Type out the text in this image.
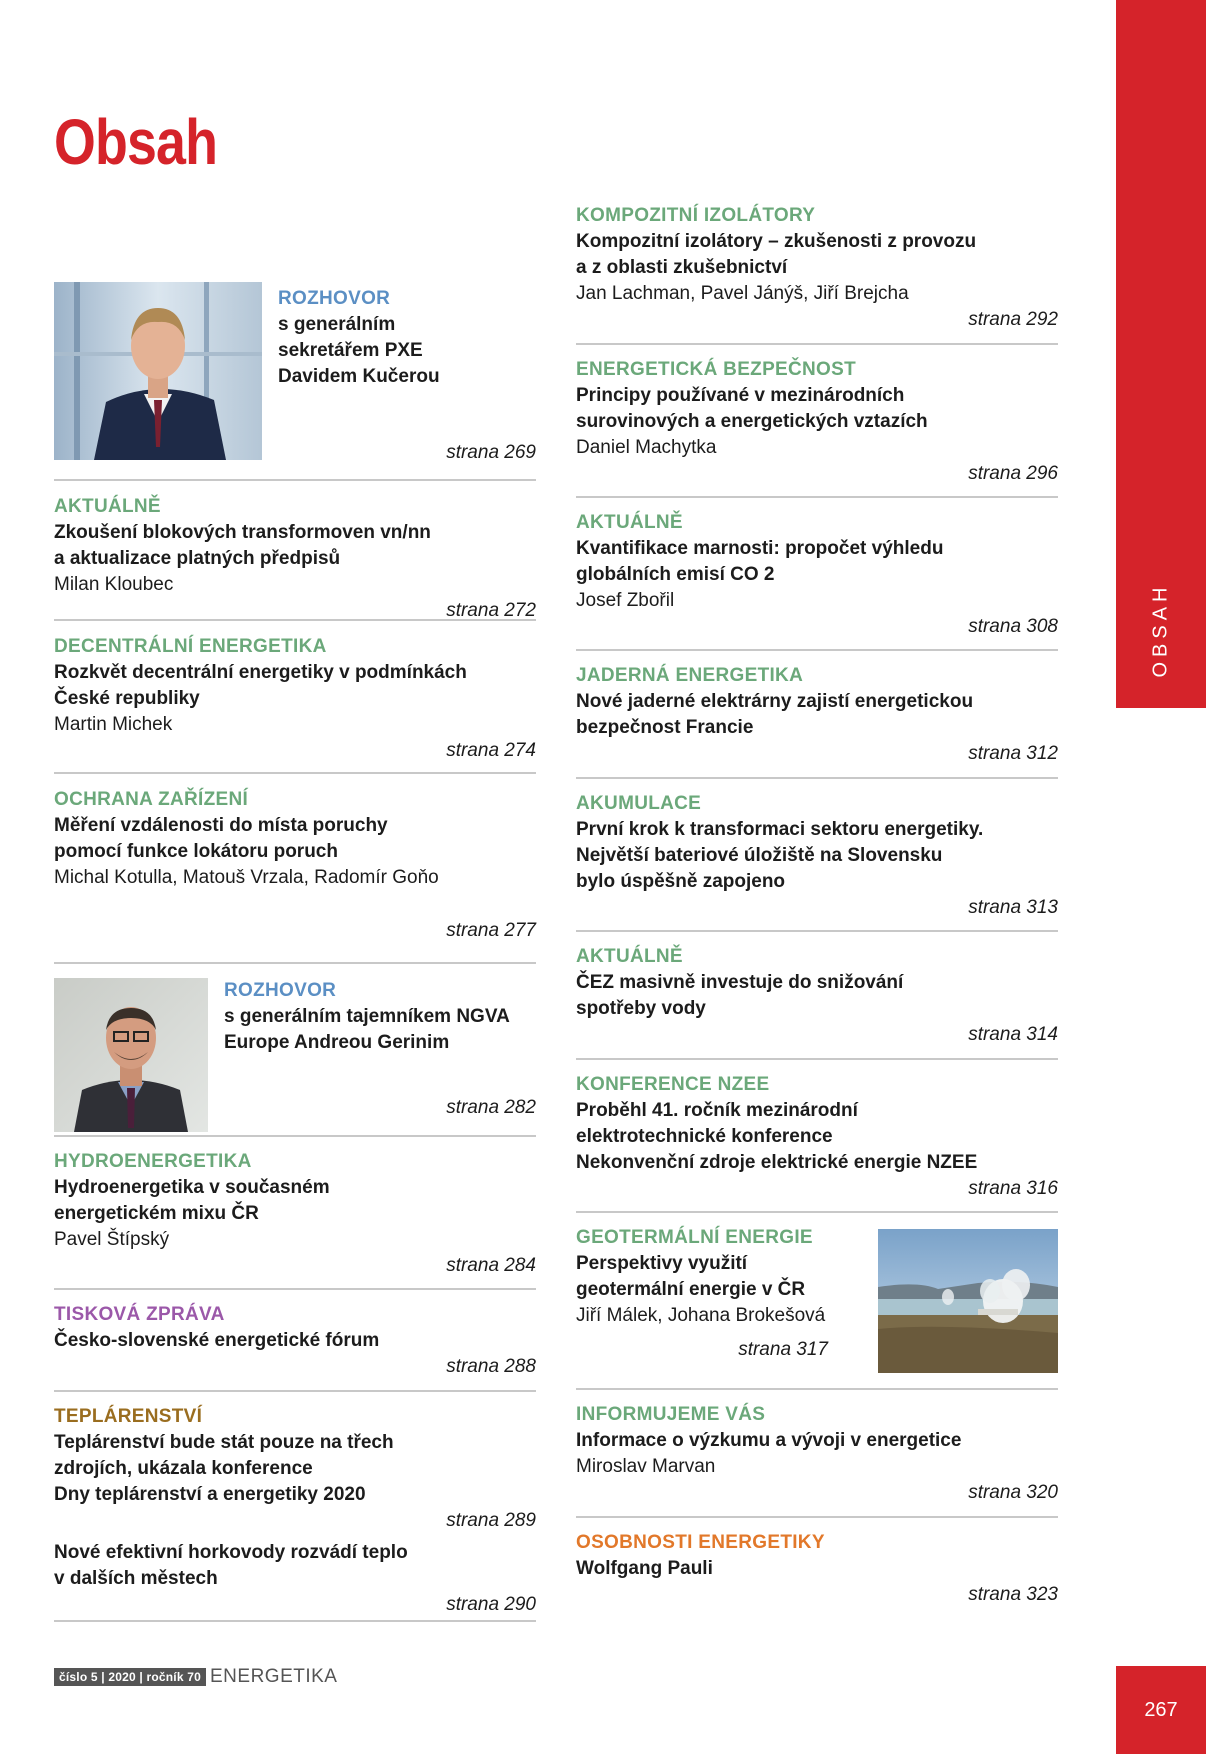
OBSAH
267
Obsah
ROZHOVOR
s generálním
sekretářem PXE
Davidem Kučerou
strana 269
AKTUÁLNĚ
Zkoušení blokových transformoven vn/nn
a aktualizace platných předpisů
Milan Kloubec
strana 272
DECENTRÁLNÍ ENERGETIKA
Rozkvět decentrální energetiky v podmínkách
České republiky
Martin Michek
strana 274
OCHRANA ZAŘÍZENÍ
Měření vzdálenosti do místa poruchy
pomocí funkce lokátoru poruch
Michal Kotulla, Matouš Vrzala, Radomír Goňo
strana 277
ROZHOVOR
s generálním tajemníkem NGVA
Europe Andreou Gerinim
strana 282
HYDROENERGETIKA
Hydroenergetika v současném
energetickém mixu ČR
Pavel Štípský
strana 284
TISKOVÁ ZPRÁVA
Česko-slovenské energetické fórum
strana 288
TEPLÁRENSTVÍ
Teplárenství bude stát pouze na třech
zdrojích, ukázala konference
Dny teplárenství a energetiky 2020
strana 289
Nové efektivní horkovody rozvádí teplo
v dalších městech
strana 290
KOMPOZITNÍ IZOLÁTORY
Kompozitní izolátory – zkušenosti z provozu
a z oblasti zkušebnictví
Jan Lachman, Pavel Jánýš, Jiří Brejcha
strana 292
ENERGETICKÁ BEZPEČNOST
Principy používané v mezinárodních
surovinových a energetických vztazích
Daniel Machytka
strana 296
AKTUÁLNĚ
Kvantifikace marnosti: propočet výhledu
globálních emisí CO 2
Josef Zbořil
strana 308
JADERNÁ ENERGETIKA
Nové jaderné elektrárny zajistí energetickou
bezpečnost Francie
strana 312
AKUMULACE
První krok k transformaci sektoru energetiky.
Největší bateriové úložiště na Slovensku
bylo úspěšně zapojeno
strana 313
AKTUÁLNĚ
ČEZ masivně investuje do snižování
spotřeby vody
strana 314
KONFERENCE NZEE
Proběhl 41. ročník mezinárodní
elektrotechnické konference
Nekonvenční zdroje elektrické energie NZEE
strana 316
GEOTERMÁLNÍ ENERGIE
Perspektivy využití
geotermální energie v ČR
Jiří Málek, Johana Brokešová
strana 317
INFORMUJEME VÁS
Informace o výzkumu a vývoji v energetice
Miroslav Marvan
strana 320
OSOBNOSTI ENERGETIKY
Wolfgang Pauli
strana 323
číslo 5 | 2020 | ročník 70 ENERGETIKA
